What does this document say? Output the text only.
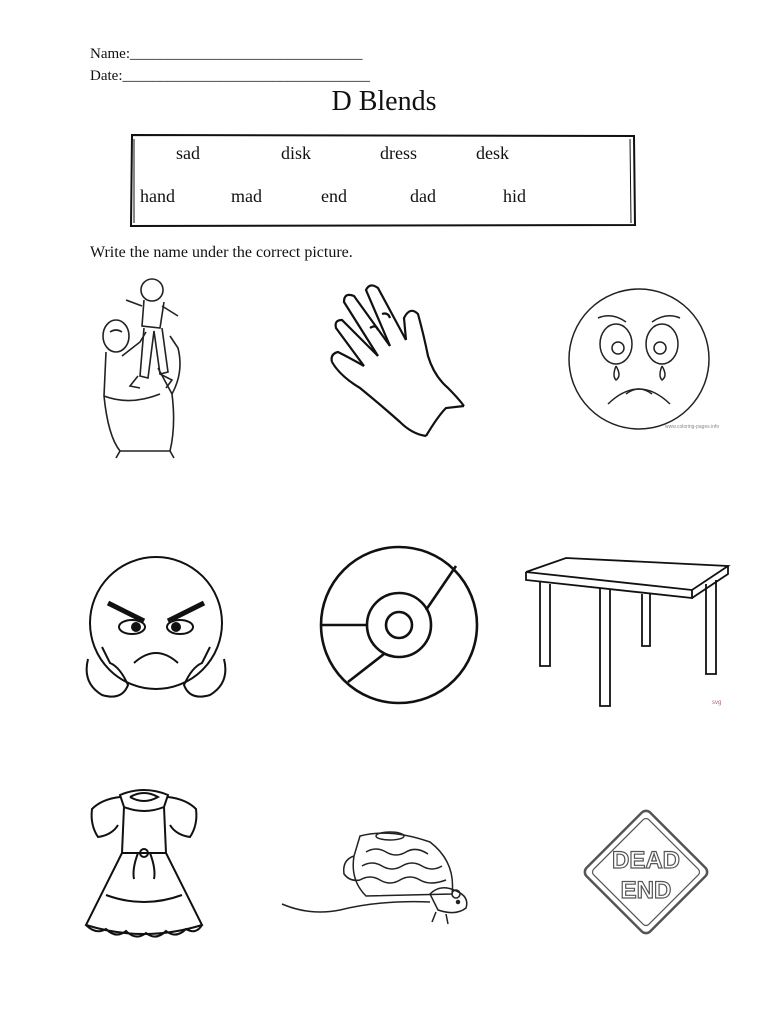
Name:_______________________________
Date:_________________________________
D Blends
sad	disk	dress	desk
hand	mad	end	dad	hid
Write the name under the correct picture.
www.coloring-pages.info
svg
DEAD
END
